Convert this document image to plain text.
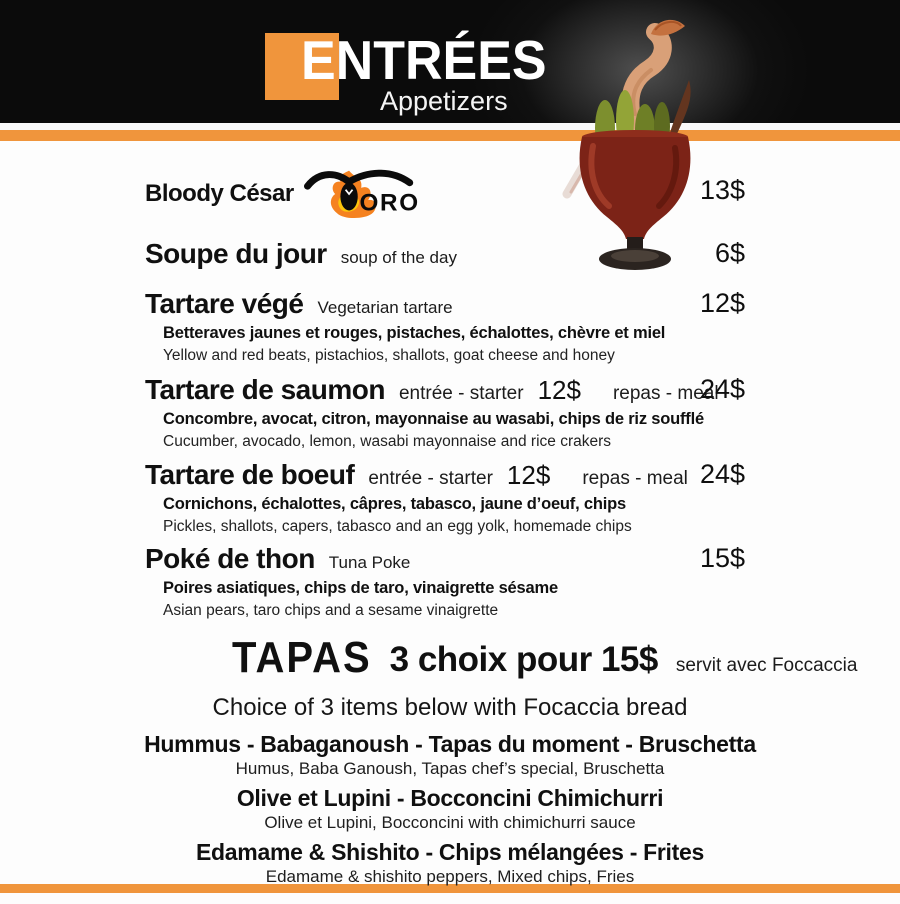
ENTRÉES
Appetizers
Bloody César ORO	13$
Soupe du jour soup of the day	6$
Tartare végé Vegetarian tartare
Betteraves jaunes et rouges, pistaches, échalottes, chèvre et miel
Yellow and red beats, pistachios, shallots, goat cheese and honey
12$
Tartare de saumon entrée - starter 12$ repas - meal
Concombre, avocat, citron, mayonnaise au wasabi, chips de riz soufflé
Cucumber, avocado, lemon, wasabi mayonnaise and rice crakers
24$
Tartare de boeuf entrée - starter 12$ repas - meal
Cornichons, échalottes, câpres, tabasco, jaune d’oeuf, chips
Pickles, shallots, capers, tabasco and an egg yolk, homemade chips
24$
Poké de thon Tuna Poke
Poires asiatiques, chips de taro, vinaigrette sésame
Asian pears, taro chips and a sesame vinaigrette
15$
TAPAS 3 choix pour 15$ servit avec Foccaccia
Choice of 3 items below with Focaccia bread
Hummus - Babaganoush - Tapas du moment - Bruschetta
Humus, Baba Ganoush, Tapas chef’s special, Bruschetta
Olive et Lupini - Bocconcini Chimichurri
Olive et Lupini, Bocconcini with chimichurri sauce
Edamame & Shishito - Chips mélangées - Frites
Edamame & shishito peppers, Mixed chips, Fries
